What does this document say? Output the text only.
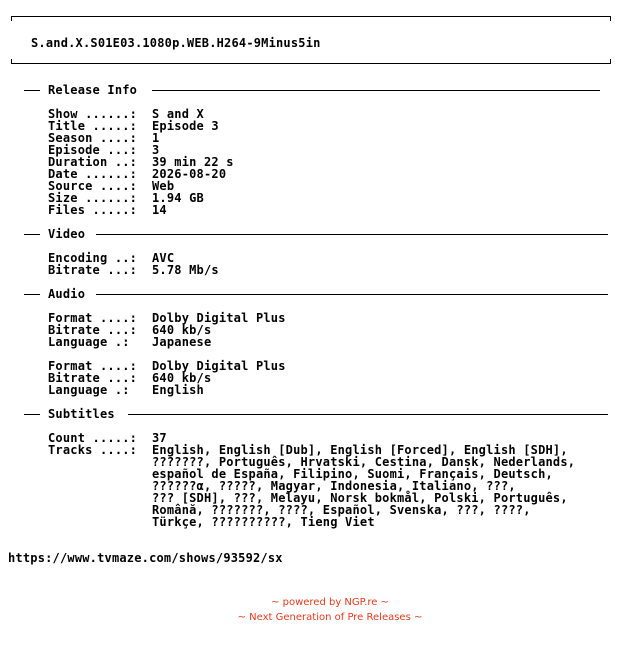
S.and.X.S01E03.1080p.WEB.H264-9Minus5in
Release Info

Show ......:

S and X

Title .....:

Episode 3

Season ....:

1

Episode ...:

3

Duration ..:

39 min 22 s

Date ......:

2026-08-20

Source ....:

Web

Size ......:

1.94 GB

Files .....:

14

Video

Encoding ..:

AVC

Bitrate ...:

5.78 Mb/s

Audio

Format ....:

Dolby Digital Plus

Bitrate ...:

640 kb/s

Language .:

Japanese

Format ....:

Dolby Digital Plus

Bitrate ...:

640 kb/s

Language .:

English

Subtitles

Count .....:

37

Tracks ....: English, English [Dub], English [Forced], English [SDH],
???????, Português, Hrvatski, Cestina, Dansk, Nederlands,
español de España, Filipino, Suomi, Français, Deutsch,
??????α, ?????, Magyar, Indonesia, Italiano, ???,
??? [SDH], ???, Melayu, Norsk bokmål, Polski, Português,
Română, ???????, ????, Español, Svenska, ???, ????,
Türkçe, ??????????, Tieng Viet
https://www.tvmaze.com/shows/93592/sx
~ powered by NGP.re ~
~ Next Generation of Pre Releases ~
